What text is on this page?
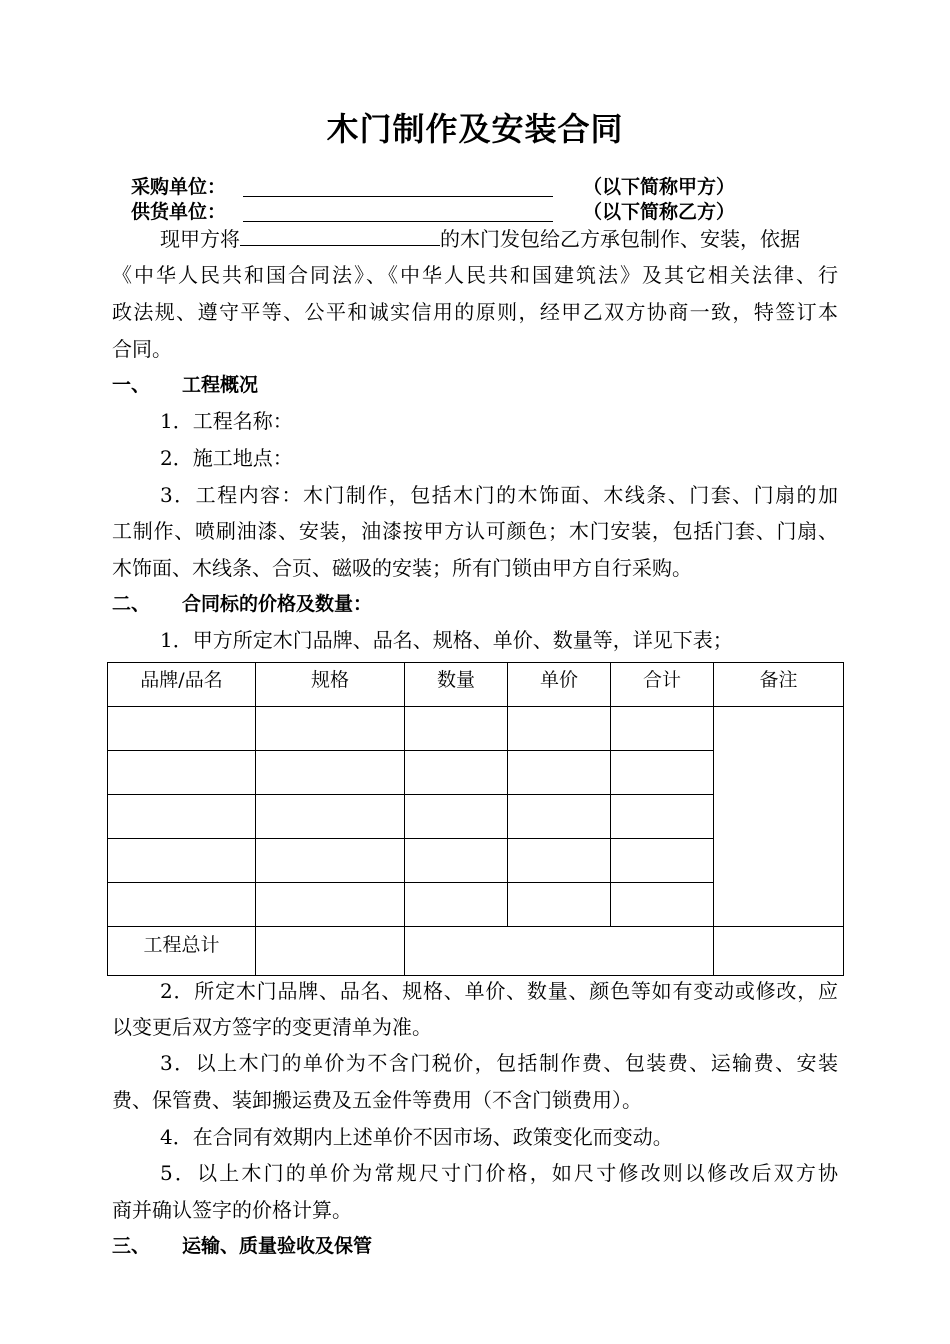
木门制作及安装合同
采购单位：	（以下简称甲方）
供货单位：	（以下简称乙方）
现甲方将	的木门发包给乙方承包制作、安装，依据
《中华人民共和国合同法》、《中华人民共和国建筑法》及其它相关法律、行
政法规、遵守平等、公平和诚实信用的原则，经甲乙双方协商一致，特签订本
合同。
一、 工程概况
1．工程名称：
2．施工地点：
3．工程内容：木门制作，包括木门的木饰面、木线条、门套、门扇的加
工制作、喷刷油漆、安装，油漆按甲方认可颜色；木门安装，包括门套、门扇、
木饰面、木线条、合页、磁吸的安装；所有门锁由甲方自行采购。
二、 合同标的价格及数量：
1．甲方所定木门品牌、品名、规格、单价、数量等，详见下表；
品牌/品名	规格	数量	单价	合计	备注

工程总计					
2．所定木门品牌、品名、规格、单价、数量、颜色等如有变动或修改，应
以变更后双方签字的变更清单为准。
3．以上木门的单价为不含门税价，包括制作费、包装费、运输费、安装
费、保管费、装卸搬运费及五金件等费用（不含门锁费用）。
4．在合同有效期内上述单价不因市场、政策变化而变动。
5．以上木门的单价为常规尺寸门价格，如尺寸修改则以修改后双方协
商并确认签字的价格计算。
三、 运输、质量验收及保管
